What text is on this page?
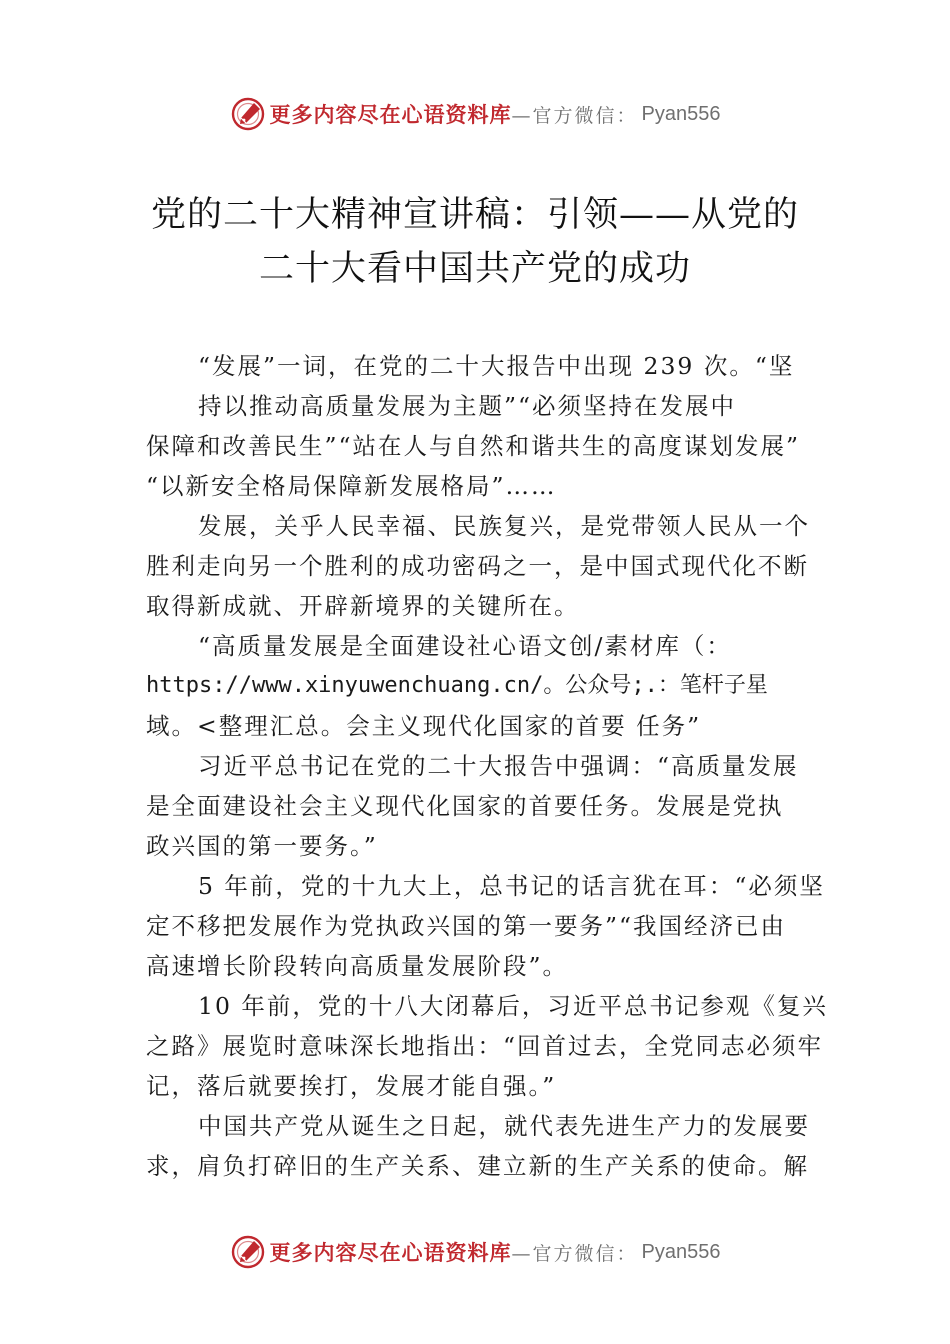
更多内容尽在心语资料库 —官方微信： Pyan556
党的二十大精神宣讲稿：引领——从党的
二十大看中国共产党的成功
“发展”一词，在党的二十大报告中出现 239 次。“坚
持以推动高质量发展为主题”“必须坚持在发展中
保障和改善民生”“站在人与自然和谐共生的高度谋划发展”
“以新安全格局保障新发展格局”……
发展，关乎人民幸福、民族复兴，是党带领人民从一个
胜利走向另一个胜利的成功密码之一，是中国式现代化不断
取得新成就、开辟新境界的关键所在。
“高质量发展是全面建设社心语文创/素材库（：
https://www.xinyuwenchuang.cn/。公众号;.：笔杆子星
域。<整理汇总。会主义现代化国家的首要 任务”
习近平总书记在党的二十大报告中强调：“高质量发展
是全面建设社会主义现代化国家的首要任务。发展是党执
政兴国的第一要务。”
5 年前，党的十九大上，总书记的话言犹在耳：“必须坚
定不移把发展作为党执政兴国的第一要务”“我国经济已由
高速增长阶段转向高质量发展阶段”。
10 年前，党的十八大闭幕后，习近平总书记参观《复兴
之路》展览时意味深长地指出：“回首过去，全党同志必须牢
记，落后就要挨打，发展才能自强。”
中国共产党从诞生之日起，就代表先进生产力的发展要
求，肩负打碎旧的生产关系、建立新的生产关系的使命。解
更多内容尽在心语资料库 —官方微信： Pyan556
